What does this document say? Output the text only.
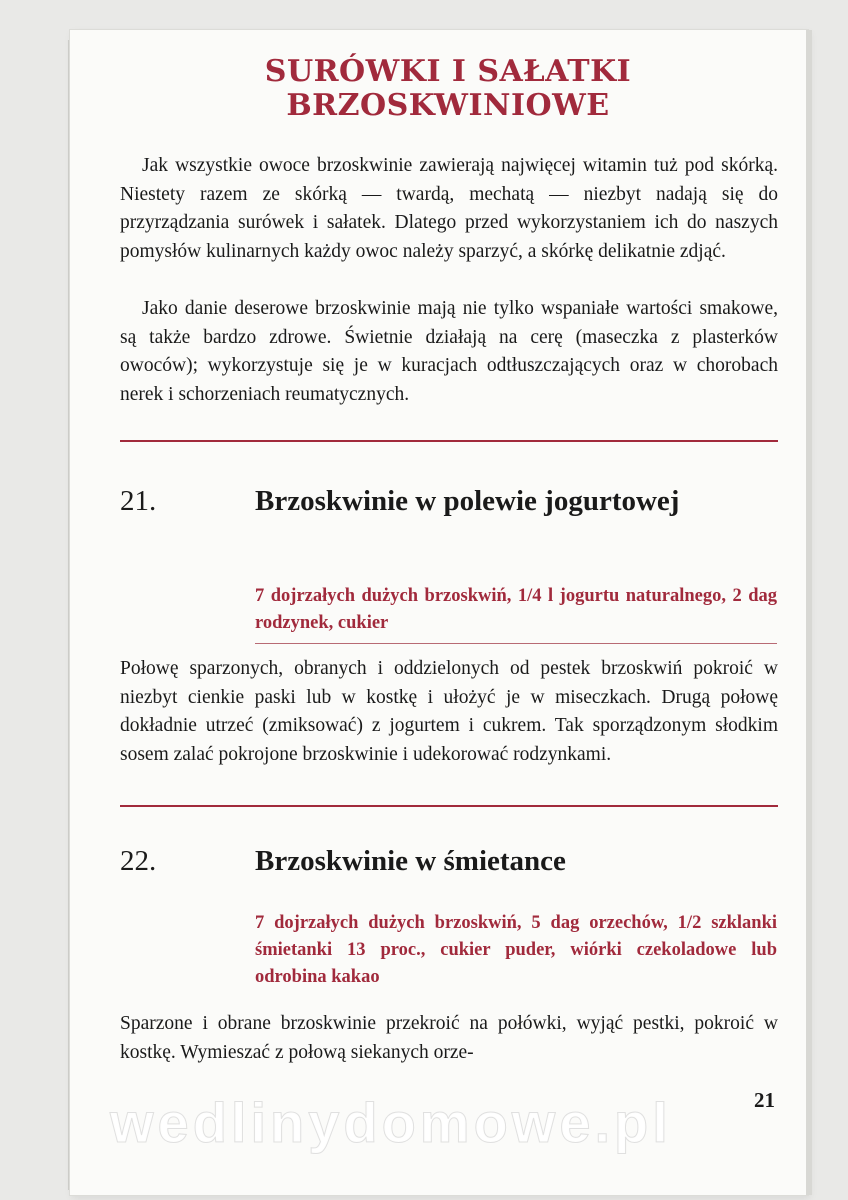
SURÓWKI I SAŁATKI BRZOSKWINIOWE

Jak wszystkie owoce brzoskwinie zawierają najwięcej witamin tuż pod skórką. Niestety razem ze skórką — twardą, mechatą — niezbyt nadają się do przyrządzania surówek i sałatek. Dlatego przed wykorzystaniem ich do naszych pomysłów kulinarnych każdy owoc należy sparzyć, a skórkę delikatnie zdjąć.

Jako danie deserowe brzoskwinie mają nie tylko wspaniałe wartości smakowe, są także bardzo zdrowe. Świetnie działają na cerę (maseczka z plasterków owoców); wykorzystuje się je w kuracjach odtłuszczających oraz w chorobach nerek i schorzeniach reumatycznych.

21.	Brzoskwinie w polewie jogurtowej

7 dojrzałych dużych brzoskwiń, 1/4 l jogurtu naturalnego, 2 dag rodzynek, cukier

Połowę sparzonych, obranych i oddzielonych od pestek brzoskwiń pokroić w niezbyt cienkie paski lub w kostkę i ułożyć je w miseczkach. Drugą połowę dokładnie utrzeć (zmiksować) z jogurtem i cukrem. Tak sporządzonym słodkim sosem zalać pokrojone brzoskwinie i udekorować rodzynkami.

22.	Brzoskwinie w śmietance

7 dojrzałych dużych brzoskwiń, 5 dag orzechów, 1/2 szklanki śmietanki 13 proc., cukier puder, wiórki czekoladowe lub odrobina kakao

Sparzone i obrane brzoskwinie przekroić na połówki, wyjąć pestki, pokroić w kostkę. Wymieszać z połową siekanych orze-

wedlinydomowe.pl	21
